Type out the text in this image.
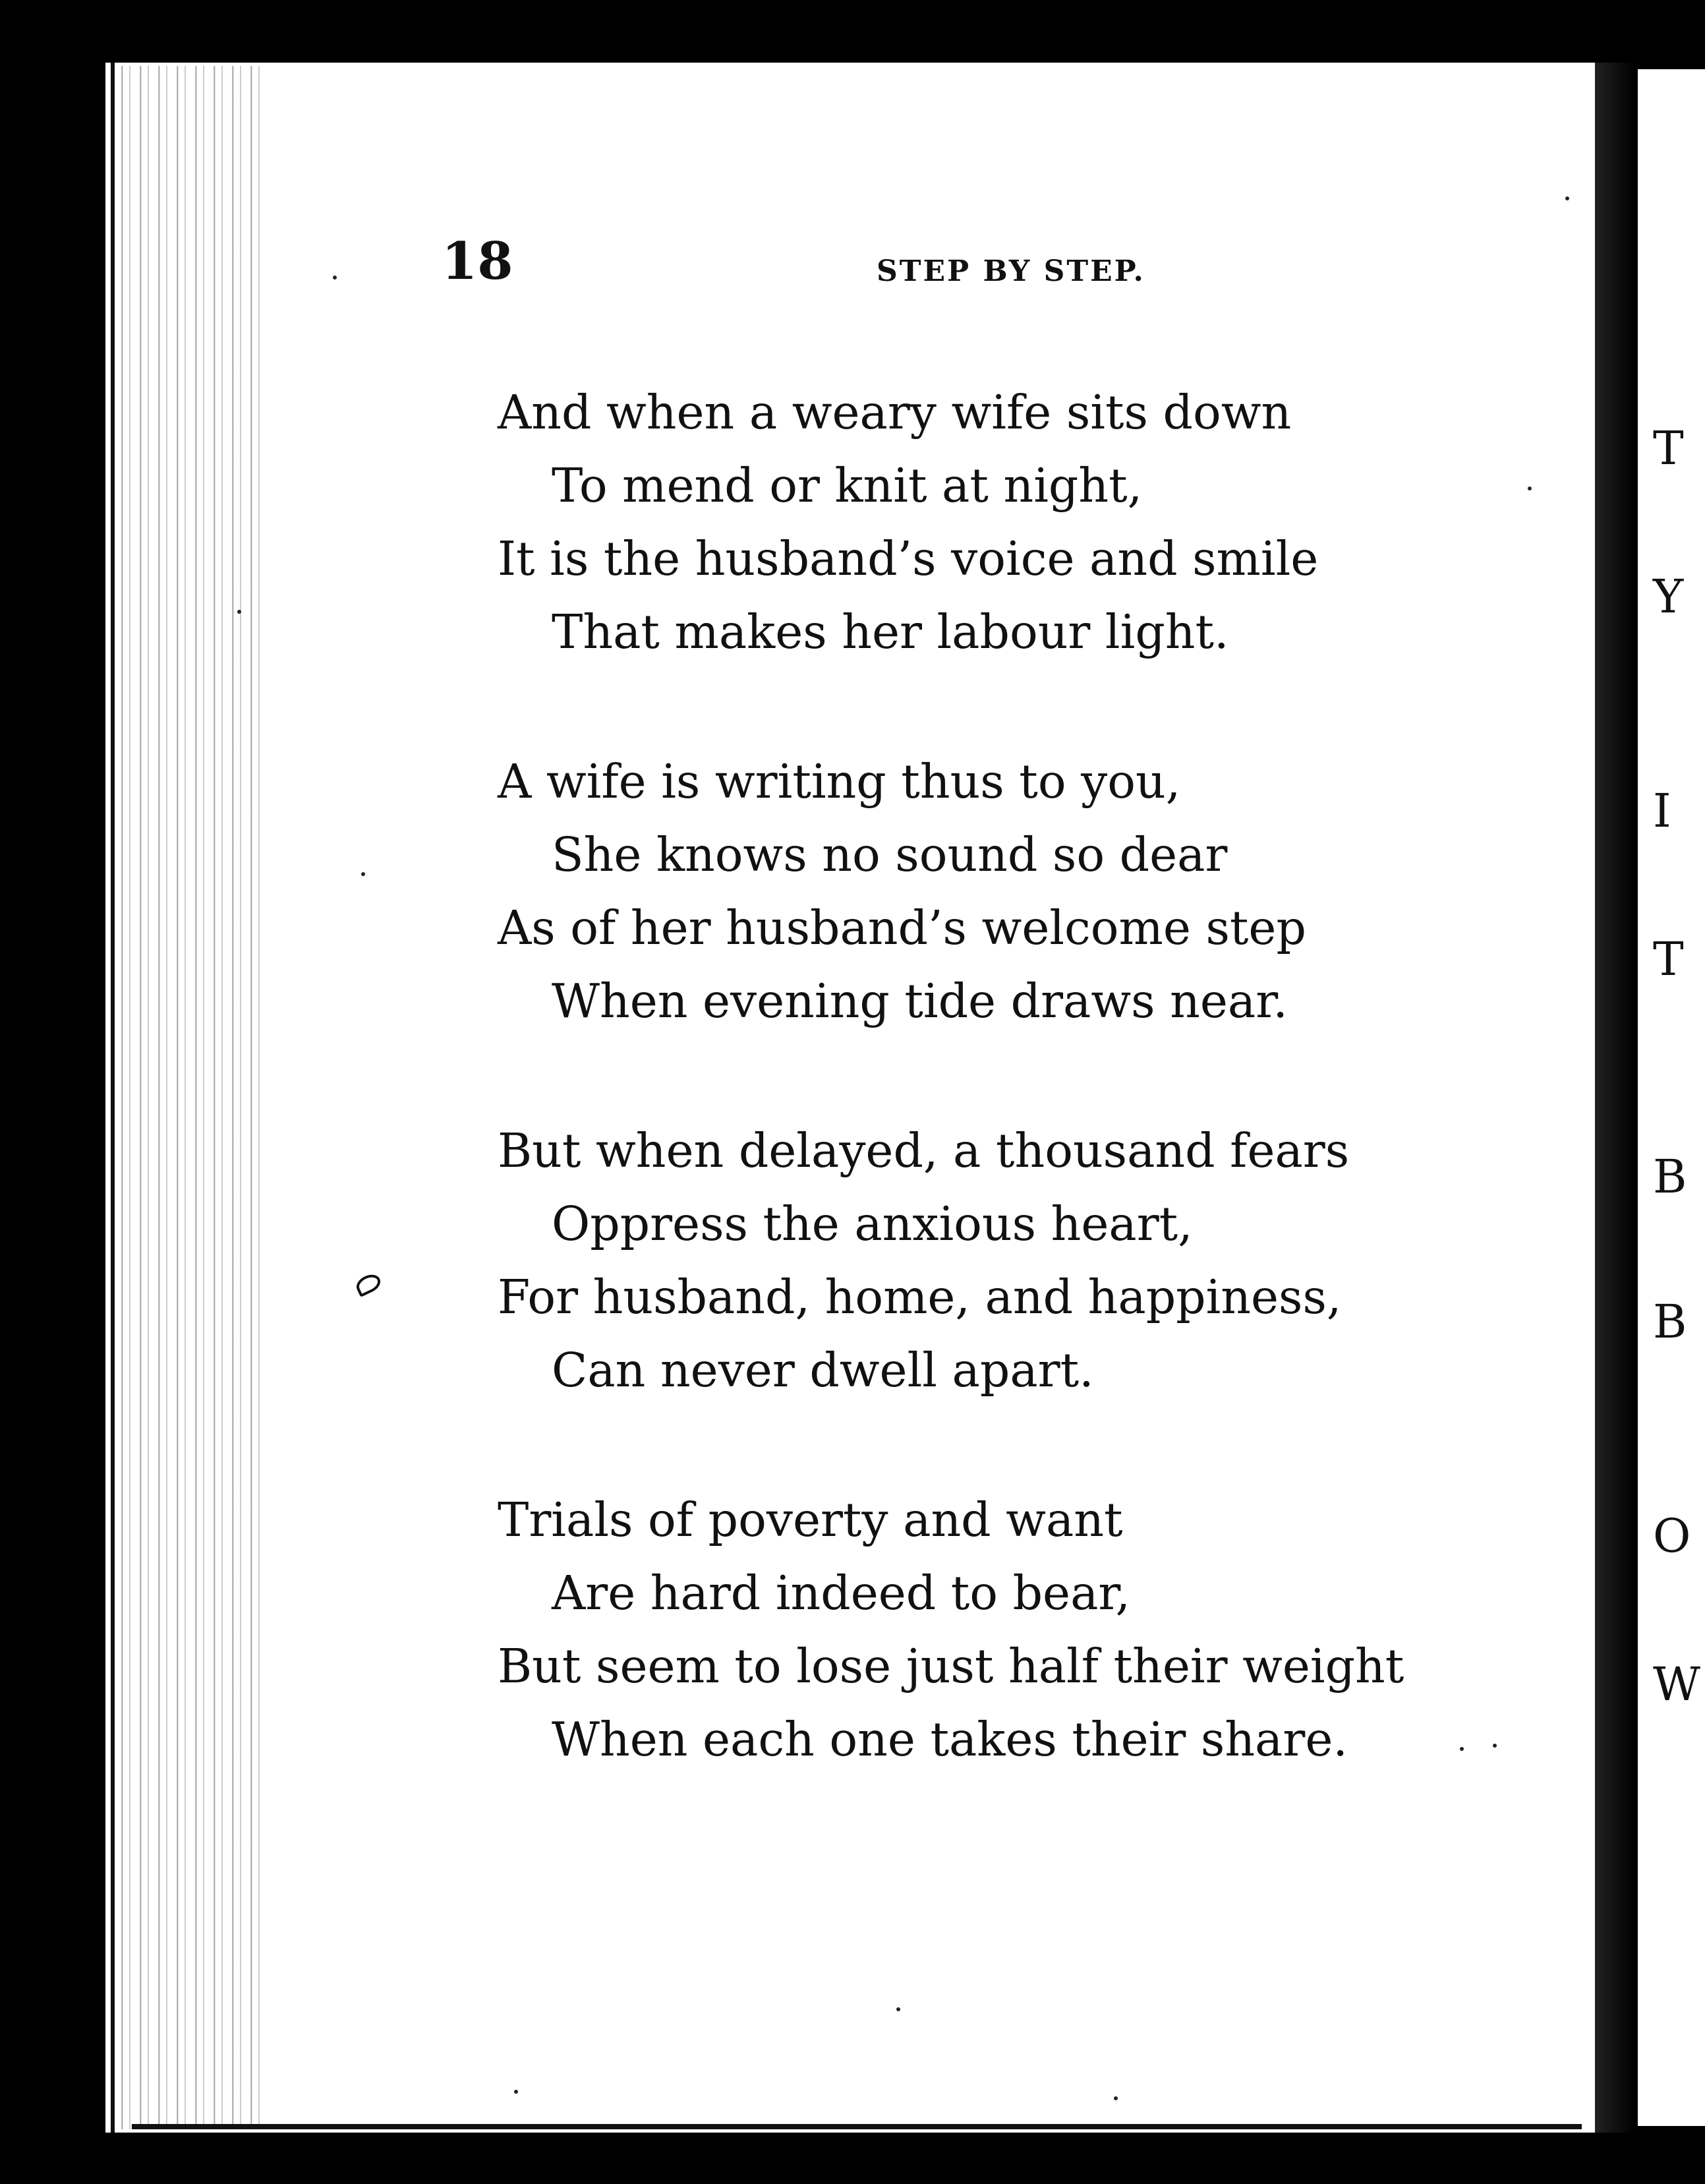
18	STEP BY STEP.
And when a weary wife sits down
To mend or knit at night,
It is the husband’s voice and smile
That makes her labour light.
A wife is writing thus to you,
She knows no sound so dear
As of her husband’s welcome step
When evening tide draws near.
But when delayed, a thousand fears
Oppress the anxious heart,
For husband, home, and happiness,
Can never dwell apart.
Trials of poverty and want
Are hard indeed to bear,
But seem to lose just half their weight
When each one takes their share.
T
Y
I
T
B
B
O
W
